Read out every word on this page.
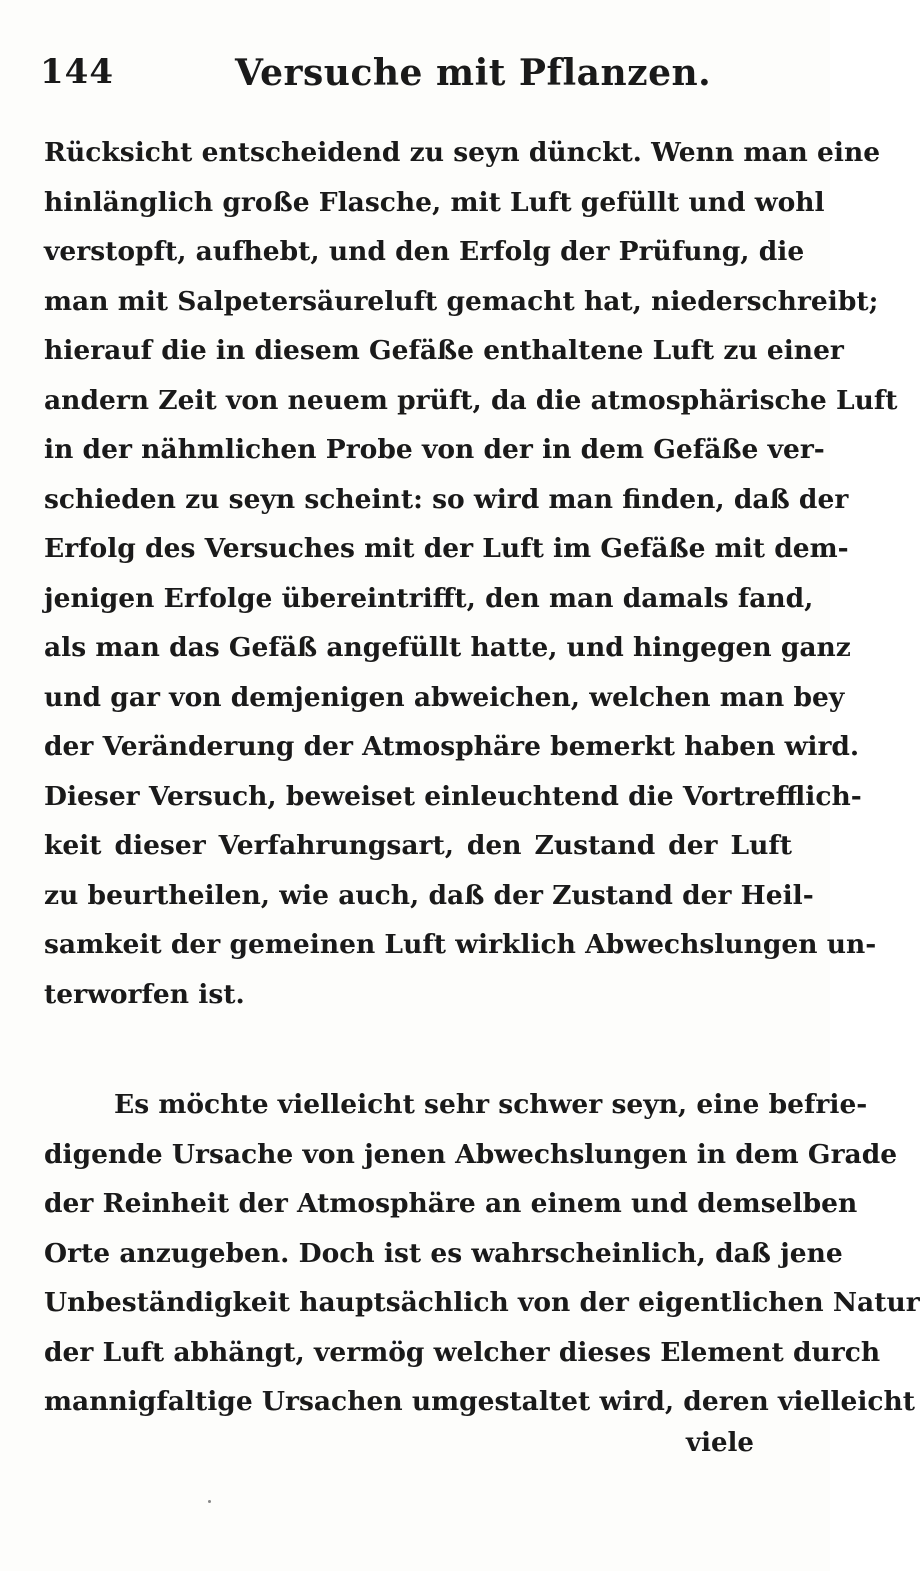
144	Versuche mit Pflanzen.
Rücksicht entscheidend zu seyn dünckt. Wenn man eine
hinlänglich große Flasche, mit Luft gefüllt und wohl
verstopft, aufhebt, und den Erfolg der Prüfung, die
man mit Salpetersäureluft gemacht hat, niederschreibt;
hierauf die in diesem Gefäße enthaltene Luft zu einer
andern Zeit von neuem prüft, da die atmosphärische Luft
in der nähmlichen Probe von der in dem Gefäße ver-
schieden zu seyn scheint: so wird man finden, daß der
Erfolg des Versuches mit der Luft im Gefäße mit dem-
jenigen Erfolge übereintrifft, den man damals fand,
als man das Gefäß angefüllt hatte, und hingegen ganz
und gar von demjenigen abweichen, welchen man bey
der Veränderung der Atmosphäre bemerkt haben wird.
Dieser Versuch, beweiset einleuchtend die Vortrefflich-
keit dieser Verfahrungsart, den Zustand der Luft
zu beurtheilen, wie auch, daß der Zustand der Heil-
samkeit der gemeinen Luft wirklich Abwechslungen un-
terworfen ist.
Es möchte vielleicht sehr schwer seyn, eine befrie-
digende Ursache von jenen Abwechslungen in dem Grade
der Reinheit der Atmosphäre an einem und demselben
Orte anzugeben. Doch ist es wahrscheinlich, daß jene
Unbeständigkeit hauptsächlich von der eigentlichen Natur
der Luft abhängt, vermög welcher dieses Element durch
mannigfaltige Ursachen umgestaltet wird, deren vielleicht
viele
